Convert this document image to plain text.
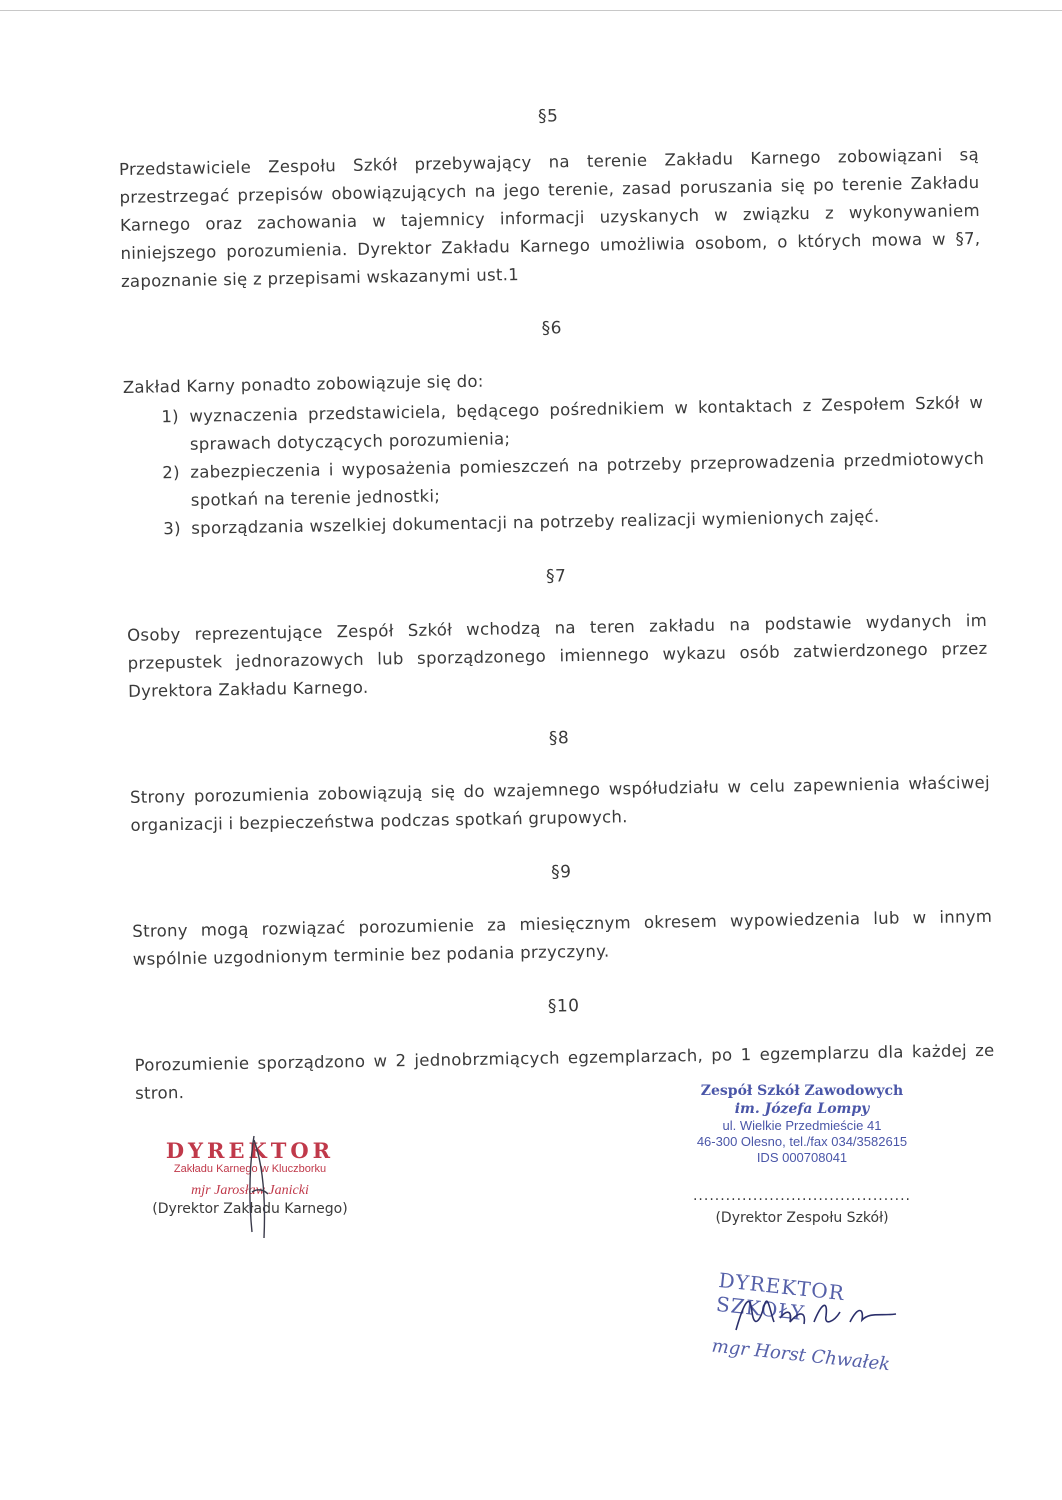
§5

Przedstawiciele Zespołu Szkół przebywający na terenie Zakładu Karnego zobowiązani są przestrzegać przepisów obowiązujących na jego terenie, zasad poruszania się po terenie Zakładu Karnego oraz zachowania w tajemnicy informacji uzyskanych w związku z wykonywaniem niniejszego porozumienia. Dyrektor Zakładu Karnego umożliwia osobom, o których mowa w §7, zapoznanie się z przepisami wskazanymi ust.1

§6

Zakład Karny ponadto zobowiązuje się do:

1) wyznaczenia przedstawiciela, będącego pośrednikiem w kontaktach z Zespołem Szkół w sprawach dotyczących porozumienia;
2) zabezpieczenia i wyposażenia pomieszczeń na potrzeby przeprowadzenia przedmiotowych spotkań na terenie jednostki;
3) sporządzania wszelkiej dokumentacji na potrzeby realizacji wymienionych zajęć.

§7

Osoby reprezentujące Zespół Szkół wchodzą na teren zakładu na podstawie wydanych im przepustek jednorazowych lub sporządzonego imiennego wykazu osób zatwierdzonego przez Dyrektora Zakładu Karnego.

§8

Strony porozumienia zobowiązują się do wzajemnego współudziału w celu zapewnienia właściwej organizacji i bezpieczeństwa podczas spotkań grupowych.

§9

Strony mogą rozwiązać porozumienie za miesięcznym okresem wypowiedzenia lub w innym wspólnie uzgodnionym terminie bez podania przyczyny.

§10

Porozumienie sporządzono w 2 jednobrzmiących egzemplarzach, po 1 egzemplarzu dla każdej ze stron.

DYREKTOR
Zakładu Karnego w Kluczborku
mjr Jarosław Janicki
(Dyrektor Zakładu Karnego)
Zespół Szkół Zawodowych
im. Józefa Lompy
ul. Wielkie Przedmieście 41
46-300 Olesno, tel./fax 034/3582615
IDS 000708041
........................................
(Dyrektor Zespołu Szkół)
DYREKTOR SZKOŁY
mgr Horst Chwałek
